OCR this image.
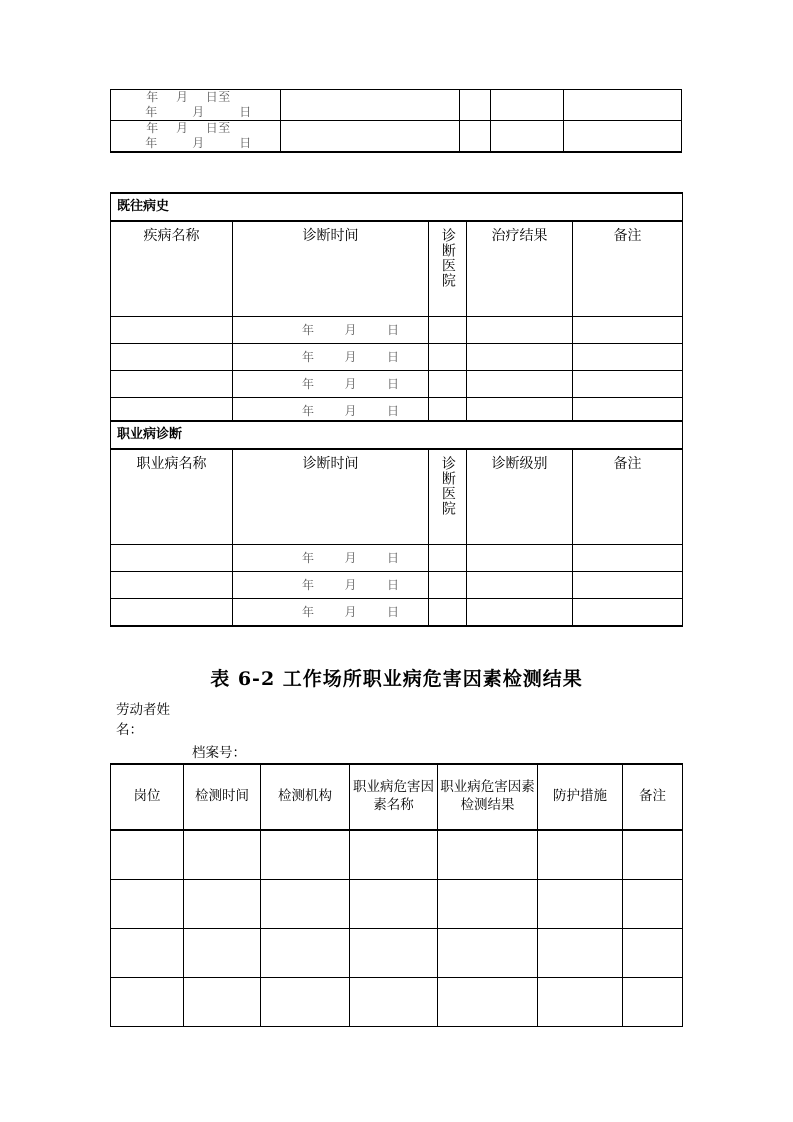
年    月    日至
年        月        日				

年    月    日至
年        月        日				

既往病史				
疾病名称	诊断时间	诊断医院	治疗结果	备注

	年        月        日			

	年        月        日			

	年        月        日			

	年        月        日			

职业病诊断				
职业病名称	诊断时间	诊断医院	诊断级别	备注

	年        月        日			

	年        月        日			

	年        月        日			

表 6-2 工作场所职业病危害因素检测结果
劳动者姓名：
档案号：
岗位	检测时间	检测机构	职业病危害因素名称	职业病危害因素检测结果	防护措施	备注
